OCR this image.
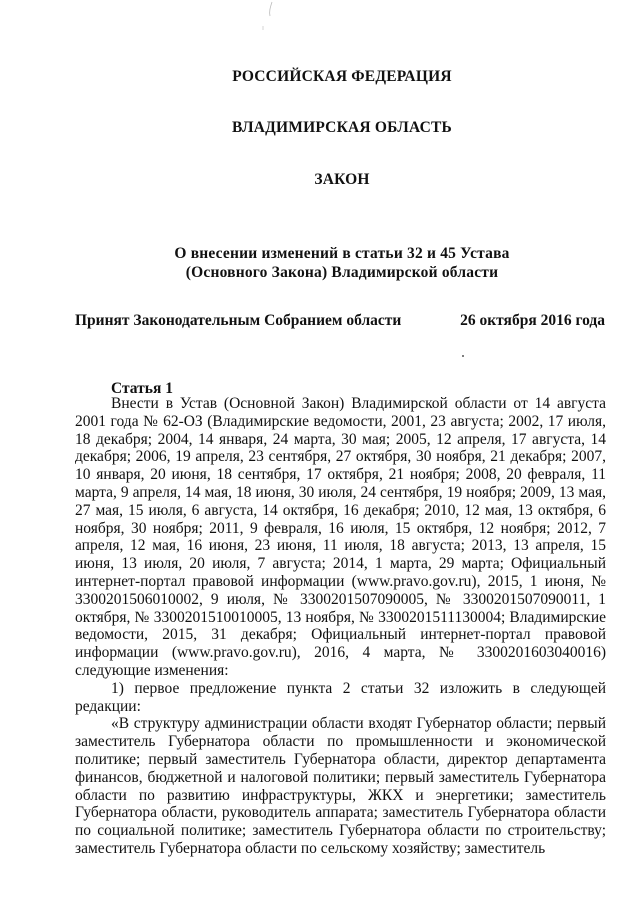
РОССИЙСКАЯ ФЕДЕРАЦИЯ
ВЛАДИМИРСКАЯ ОБЛАСТЬ
ЗАКОН
О внесении изменений в статьи 32 и 45 Устава
(Основного Закона) Владимирской области
Принят Законодательным Собранием области	26 октября 2016 года
Статья 1

Внести в Устав (Основной Закон) Владимирской области от 14 августа 2001 года № 62-ОЗ (Владимирские ведомости, 2001, 23 августа; 2002, 17 июля, 18 декабря; 2004, 14 января, 24 марта, 30 мая; 2005, 12 апреля, 17 августа, 14 декабря; 2006, 19 апреля, 23 сентября, 27 октября, 30 ноября, 21 декабря; 2007, 10 января, 20 июня, 18 сентября, 17 октября, 21 ноября; 2008, 20 февраля, 11 марта, 9 апреля, 14 мая, 18 июня, 30 июля, 24 сентября, 19 ноября; 2009, 13 мая, 27 мая, 15 июля, 6 августа, 14 октября, 16 декабря; 2010, 12 мая, 13 октября, 6 ноября, 30 ноября; 2011, 9 февраля, 16 июля, 15 октября, 12 ноября; 2012, 7 апреля, 12 мая, 16 июня, 23 июня, 11 июля, 18 августа; 2013, 13 апреля, 15 июня, 13 июля, 20 июля, 7 августа; 2014, 1 марта, 29 марта; Официальный интернет-портал правовой информации (www.pravo.gov.ru), 2015, 1 июня, № 3300201506010002, 9 июля, № 3300201507090005, № 3300201507090011, 1 октября, № 3300201510010005, 13 ноября, № 3300201511130004; Владимирские ведомости, 2015, 31 декабря; Официальный интернет-портал правовой информации (www.pravo.gov.ru), 2016, 4 марта, № 3300201603040016) следующие изменения:

1) первое предложение пункта 2 статьи 32 изложить в следующей редакции:

«В структуру администрации области входят Губернатор области; первый заместитель Губернатора области по промышленности и экономической политике; первый заместитель Губернатора области, директор департамента финансов, бюджетной и налоговой политики; первый заместитель Губернатора области по развитию инфраструктуры, ЖКХ и энергетики; заместитель Губернатора области, руководитель аппарата; заместитель Губернатора области по социальной политике; заместитель Губернатора области по строительству; заместитель Губернатора области по сельскому хозяйству; заместитель
